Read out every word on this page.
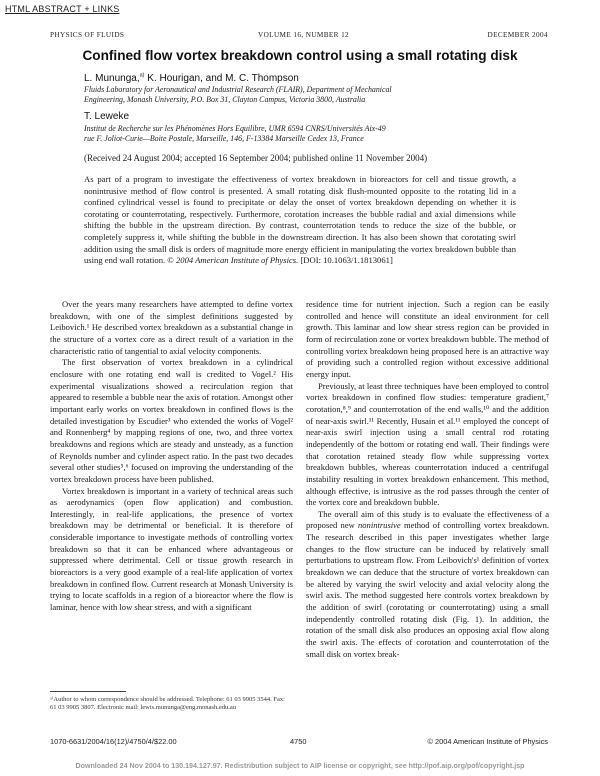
HTML ABSTRACT + LINKS
PHYSICS OF FLUIDS	VOLUME 16, NUMBER 12	DECEMBER 2004
Confined flow vortex breakdown control using a small rotating disk
L. Mununga,$^{a)}$ K. Hourigan, and M. C. Thompson
Fluids Laboratory for Aeronautical and Industrial Research (FLAIR), Department of Mechanical
Engineering, Monash University, P.O. Box 31, Clayton Campus, Victoria 3800, Australia
T. Leweke
Institut de Recherche sur les Phénomènes Hors Equilibre, UMR 6594 CNRS/Universités Aix-49
rue F. Joliot-Curie—Boite Postale, Marseille, 146, F-13384 Marseille Cedex 13, France
(Received 24 August 2004; accepted 16 September 2004; published online 11 November 2004)
As part of a program to investigate the effectiveness of vortex breakdown in bioreactors for cell and tissue growth, a nonintrusive method of flow control is presented. A small rotating disk flush-mounted opposite to the rotating lid in a confined cylindrical vessel is found to precipitate or delay the onset of vortex breakdown depending on whether it is corotating or counterrotating, respectively. Furthermore, corotation increases the bubble radial and axial dimensions while shifting the bubble in the upstream direction. By contrast, counterrotation tends to reduce the size of the bubble, or completely suppress it, while shifting the bubble in the downstream direction. It has also been shown that corotating swirl addition using the small disk is orders of magnitude more energy efficient in manipulating the vortex breakdown bubble than using end wall rotation. © 2004 American Institute of Physics. [DOI: 10.1063/1.1813061]

Over the years many researchers have attempted to define vortex breakdown, with one of the simplest definitions suggested by Leibovich.¹ He described vortex breakdown as a substantial change in the structure of a vortex core as a direct result of a variation in the characteristic ratio of tangential to axial velocity components.

The first observation of vortex breakdown in a cylindrical enclosure with one rotating end wall is credited to Vogel.² His experimental visualizations showed a recirculation region that appeared to resemble a bubble near the axis of rotation. Amongst other important early works on vortex breakdown in confined flows is the detailed investigation by Escudier³ who extended the works of Vogel² and Ronnenberg⁴ by mapping regions of one, two, and three vortex breakdowns and regions which are steady and unsteady, as a function of Reynolds number and cylinder aspect ratio. In the past two decades several other studies⁵,⁶ focused on improving the understanding of the vortex breakdown process have been published.

Vortex breakdown is important in a variety of technical areas such as aerodynamics (open flow application) and combustion. Interestingly, in real-life applications, the presence of vortex breakdown may be detrimental or beneficial. It is therefore of considerable importance to investigate methods of controlling vortex breakdown so that it can be enhanced where advantageous or suppressed where detrimental. Cell or tissue growth research in bioreactors is a very good example of a real-life application of vortex breakdown in confined flow. Current research at Monash University is trying to locate scaffolds in a region of a bioreactor where the flow is laminar, hence with low shear stress, and with a significant

residence time for nutrient injection. Such a region can be easily controlled and hence will constitute an ideal environment for cell growth. This laminar and low shear stress region can be provided in form of recirculation zone or vortex breakdown bubble. The method of controlling vortex breakdown being proposed here is an attractive way of providing such a controlled region without excessive additional energy input.

Previously, at least three techniques have been employed to control vortex breakdown in confined flow studies: temperature gradient,⁷ corotation,⁸,⁹ and counterrotation of the end walls,¹⁰ and the addition of near-axis swirl.¹¹ Recently, Husain et al.¹¹ employed the concept of near-axis swirl injection using a small central rod rotating independently of the bottom or rotating end wall. Their findings were that corotation retained steady flow while suppressing vortex breakdown bubbles, whereas counterrotation induced a centrifugal instability resulting in vortex breakdown enhancement. This method, although effective, is intrusive as the rod passes through the center of the vortex core and breakdown bubble.

The overall aim of this study is to evaluate the effectiveness of a proposed new nonintrusive method of controlling vortex breakdown. The research described in this paper investigates whether large changes to the flow structure can be induced by relatively small perturbations to upstream flow. From Leibovich's¹ definition of vortex breakdown we can deduce that the structure of vortex breakdown can be altered by varying the swirl velocity and axial velocity along the swirl axis. The method suggested here controls vortex breakdown by the addition of swirl (corotating or counterrotating) using a small independently controlled rotating disk (Fig. 1). In addition, the rotation of the small disk also produces an opposing axial flow along the swirl axis. The effects of corotation and counterrotation of the small disk on vortex break-

ᵃ⁾Author to whom correspondence should be addressed. Telephone: 61 03 9905 3544. Fax: 61 03 9905 3807. Electronic mail: lewis.mununga@eng.monash.edu.au
1070-6631/2004/16(12)/4750/4/$22.00	4750	© 2004 American Institute of Physics
Downloaded 24 Nov 2004 to 130.194.127.97. Redistribution subject to AIP license or copyright, see http://pof.aip.org/pof/copyright.jsp
